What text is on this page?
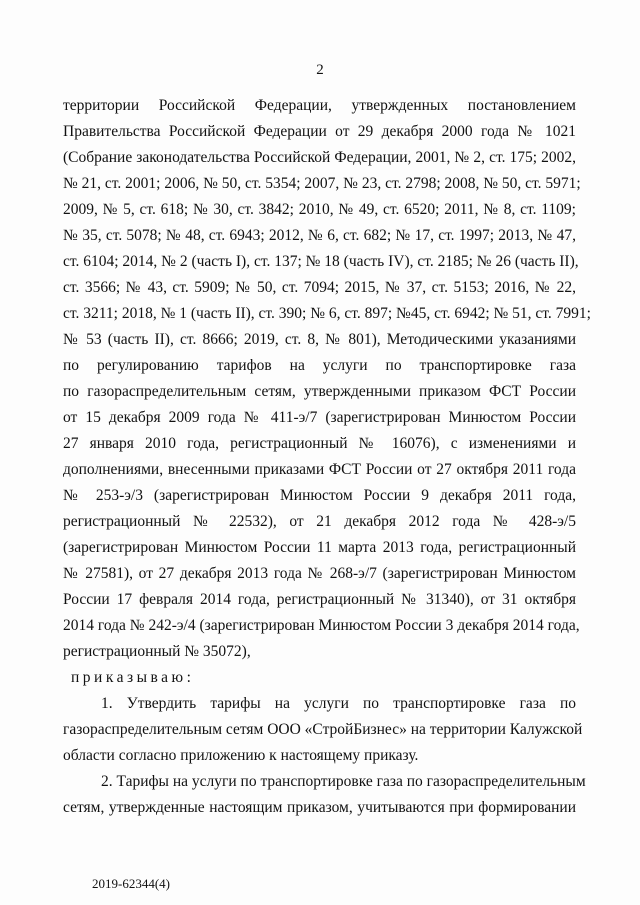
2
территории Российской Федерации, утвержденных постановлением
Правительства Российской Федерации от 29 декабря 2000 года № 1021
(Собрание законодательства Российской Федерации, 2001, № 2, ст. 175; 2002,
№ 21, ст. 2001; 2006, № 50, ст. 5354; 2007, № 23, ст. 2798; 2008, № 50, ст. 5971;
2009, № 5, ст. 618; № 30, ст. 3842; 2010, № 49, ст. 6520; 2011, № 8, ст. 1109;
№ 35, ст. 5078; № 48, ст. 6943; 2012, № 6, ст. 682; № 17, ст. 1997; 2013, № 47,
ст. 6104; 2014, № 2 (часть I), ст. 137; № 18 (часть IV), ст. 2185; № 26 (часть II),
ст. 3566; № 43, ст. 5909; № 50, ст. 7094; 2015, № 37, ст. 5153; 2016, № 22,
ст. 3211; 2018, № 1 (часть II), ст. 390; № 6, ст. 897; №45, ст. 6942; № 51, ст. 7991;
№ 53 (часть II), ст. 8666; 2019, ст. 8, № 801), Методическими указаниями
по регулированию тарифов на услуги по транспортировке газа
по газораспределительным сетям, утвержденными приказом ФСТ России
от 15 декабря 2009 года № 411-э/7 (зарегистрирован Минюстом России
27 января 2010 года, регистрационный № 16076), с изменениями и
дополнениями, внесенными приказами ФСТ России от 27 октября 2011 года
№ 253-э/3 (зарегистрирован Минюстом России 9 декабря 2011 года,
регистрационный № 22532), от 21 декабря 2012 года № 428-э/5
(зарегистрирован Минюстом России 11 марта 2013 года, регистрационный
№ 27581), от 27 декабря 2013 года № 268-э/7 (зарегистрирован Минюстом
России 17 февраля 2014 года, регистрационный № 31340), от 31 октября
2014 года № 242-э/4 (зарегистрирован Минюстом России 3 декабря 2014 года,
регистрационный № 35072),
приказываю:
1. Утвердить тарифы на услуги по транспортировке газа по
газораспределительным сетям ООО «СтройБизнес» на территории Калужской
области согласно приложению к настоящему приказу.
2. Тарифы на услуги по транспортировке газа по газораспределительным
сетям, утвержденные настоящим приказом, учитываются при формировании
2019-62344(4)
